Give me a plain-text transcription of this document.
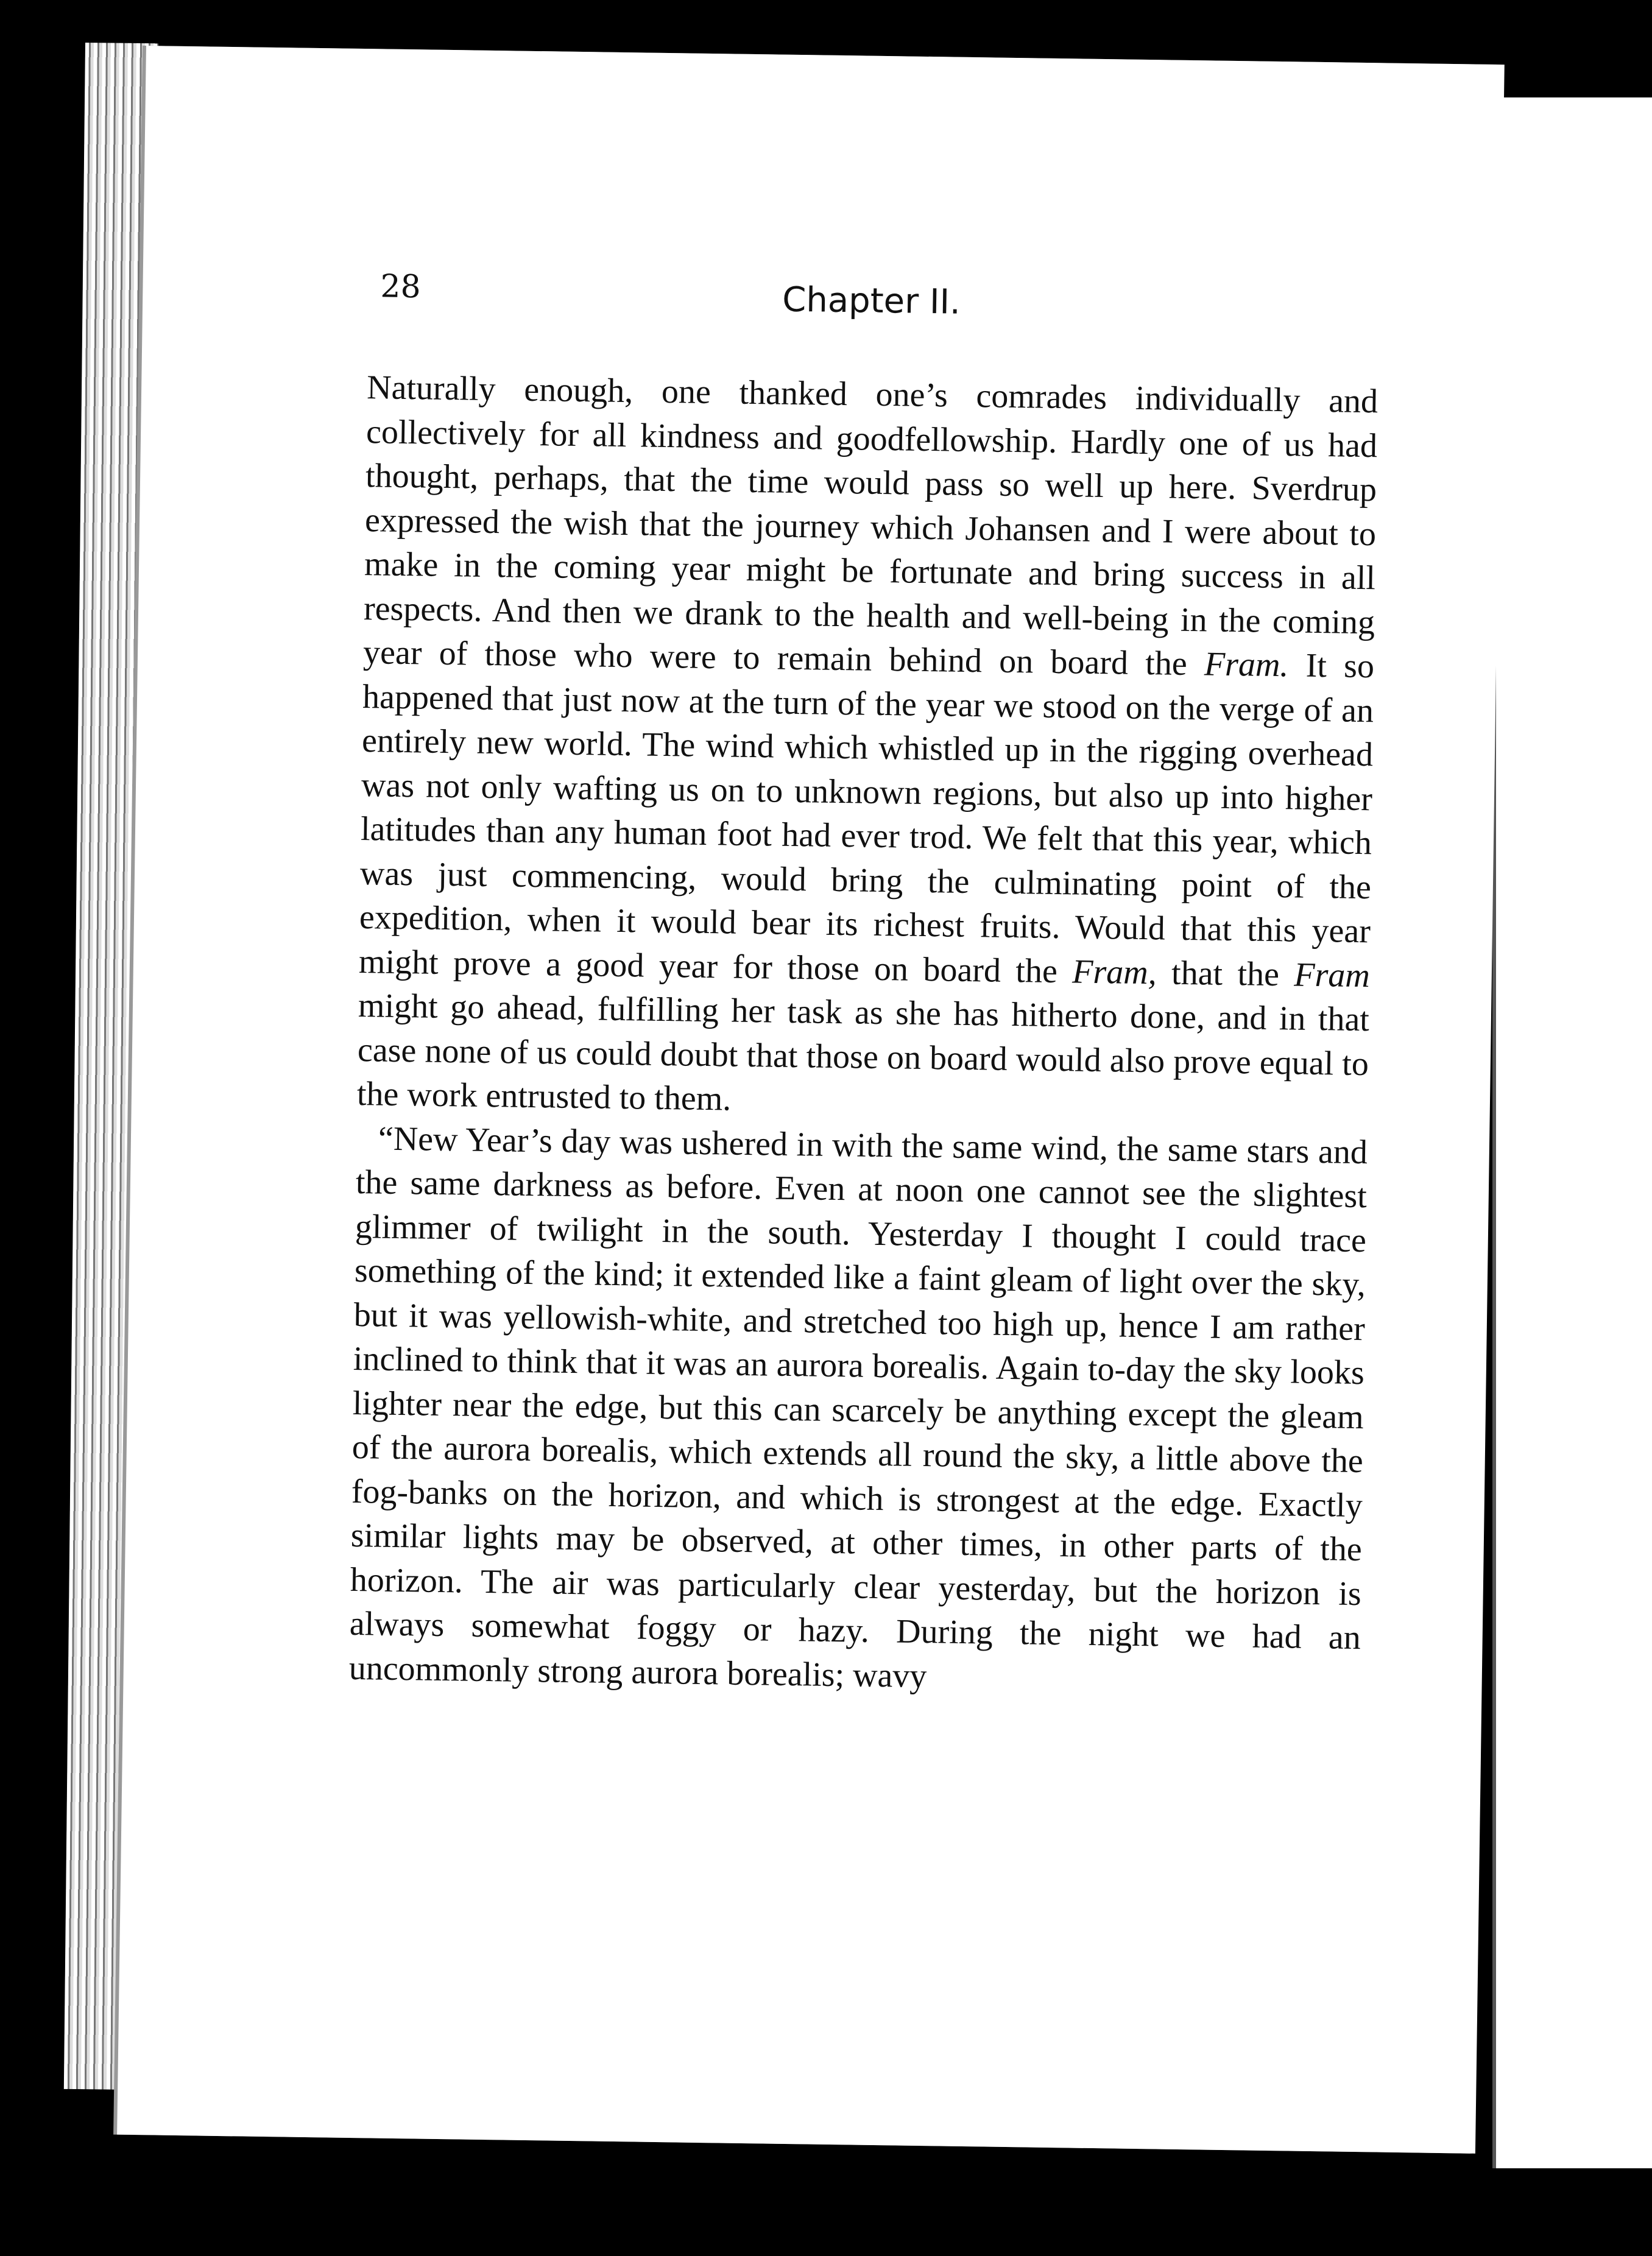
28	Chapter II.

Naturally enough, one thanked one’s comrades individually and collectively for all kindness and goodfellowship. Hardly one of us had thought, perhaps, that the time would pass so well up here. Sverdrup expressed the wish that the journey which Johansen and I were about to make in the coming year might be fortunate and bring success in all respects. And then we drank to the health and well-being in the coming year of those who were to remain behind on board the Fram. It so happened that just now at the turn of the year we stood on the verge of an entirely new world. The wind which whistled up in the rigging overhead was not only wafting us on to unknown regions, but also up into higher latitudes than any human foot had ever trod. We felt that this year, which was just commencing, would bring the culminating point of the expedition, when it would bear its richest fruits. Would that this year might prove a good year for those on board the Fram, that the Fram might go ahead, fulfilling her task as she has hitherto done, and in that case none of us could doubt that those on board would also prove equal to the work entrusted to them.

“New Year’s day was ushered in with the same wind, the same stars and the same darkness as before. Even at noon one cannot see the slightest glimmer of twilight in the south. Yesterday I thought I could trace something of the kind; it extended like a faint gleam of light over the sky, but it was yellowish-white, and stretched too high up, hence I am rather inclined to think that it was an aurora borealis. Again to-day the sky looks lighter near the edge, but this can scarcely be anything except the gleam of the aurora borealis, which extends all round the sky, a little above the fog-banks on the horizon, and which is strongest at the edge. Exactly similar lights may be observed, at other times, in other parts of the horizon. The air was particularly clear yesterday, but the horizon is always somewhat foggy or hazy. During the night we had an uncommonly strong aurora borealis; wavy
